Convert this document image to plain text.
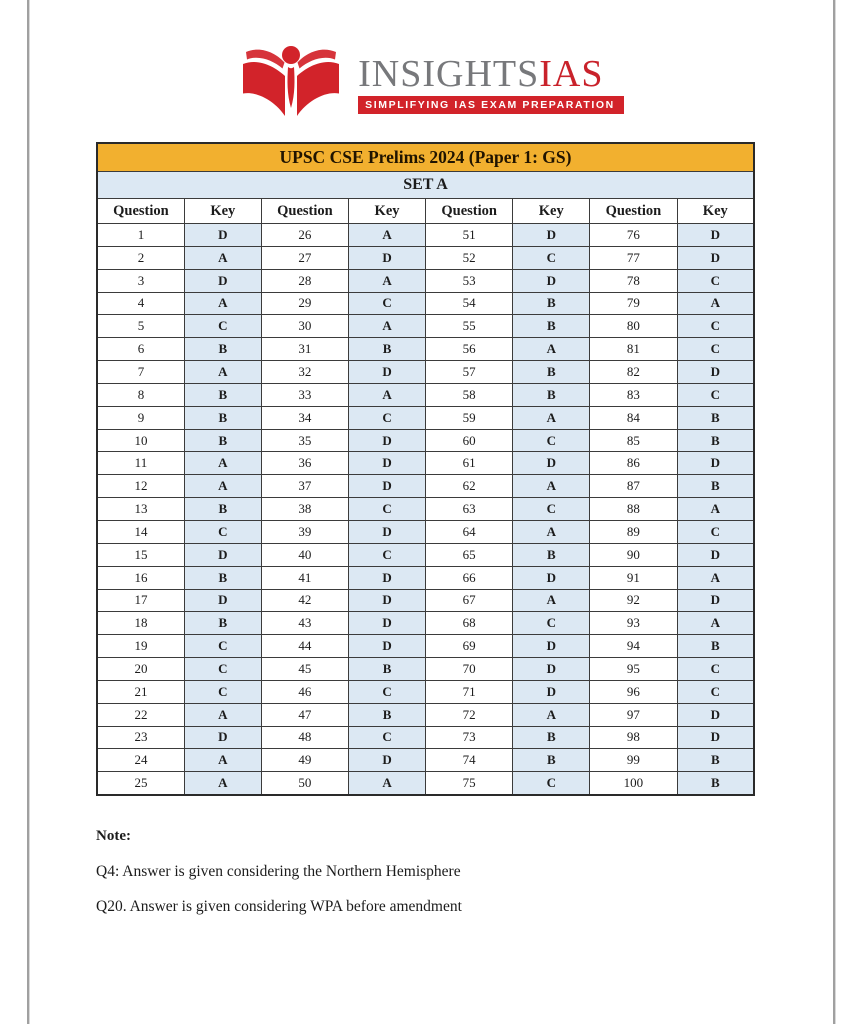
INSIGHTSIAS
SIMPLIFYING IAS EXAM PREPARATION
UPSC CSE Prelims 2024 (Paper 1: GS)							
SET A							
Question	Key	Question	Key	Question	Key	Question	Key
1	D	26	A	51	D	76	D
2	A	27	D	52	C	77	D
3	D	28	A	53	D	78	C
4	A	29	C	54	B	79	A
5	C	30	A	55	B	80	C
6	B	31	B	56	A	81	C
7	A	32	D	57	B	82	D
8	B	33	A	58	B	83	C
9	B	34	C	59	A	84	B
10	B	35	D	60	C	85	B
11	A	36	D	61	D	86	D
12	A	37	D	62	A	87	B
13	B	38	C	63	C	88	A
14	C	39	D	64	A	89	C
15	D	40	C	65	B	90	D
16	B	41	D	66	D	91	A
17	D	42	D	67	A	92	D
18	B	43	D	68	C	93	A
19	C	44	D	69	D	94	B
20	C	45	B	70	D	95	C
21	C	46	C	71	D	96	C
22	A	47	B	72	A	97	D
23	D	48	C	73	B	98	D
24	A	49	D	74	B	99	B
25	A	50	A	75	C	100	B

Note:

Q4: Answer is given considering the Northern Hemisphere

Q20. Answer is given considering WPA before amendment
